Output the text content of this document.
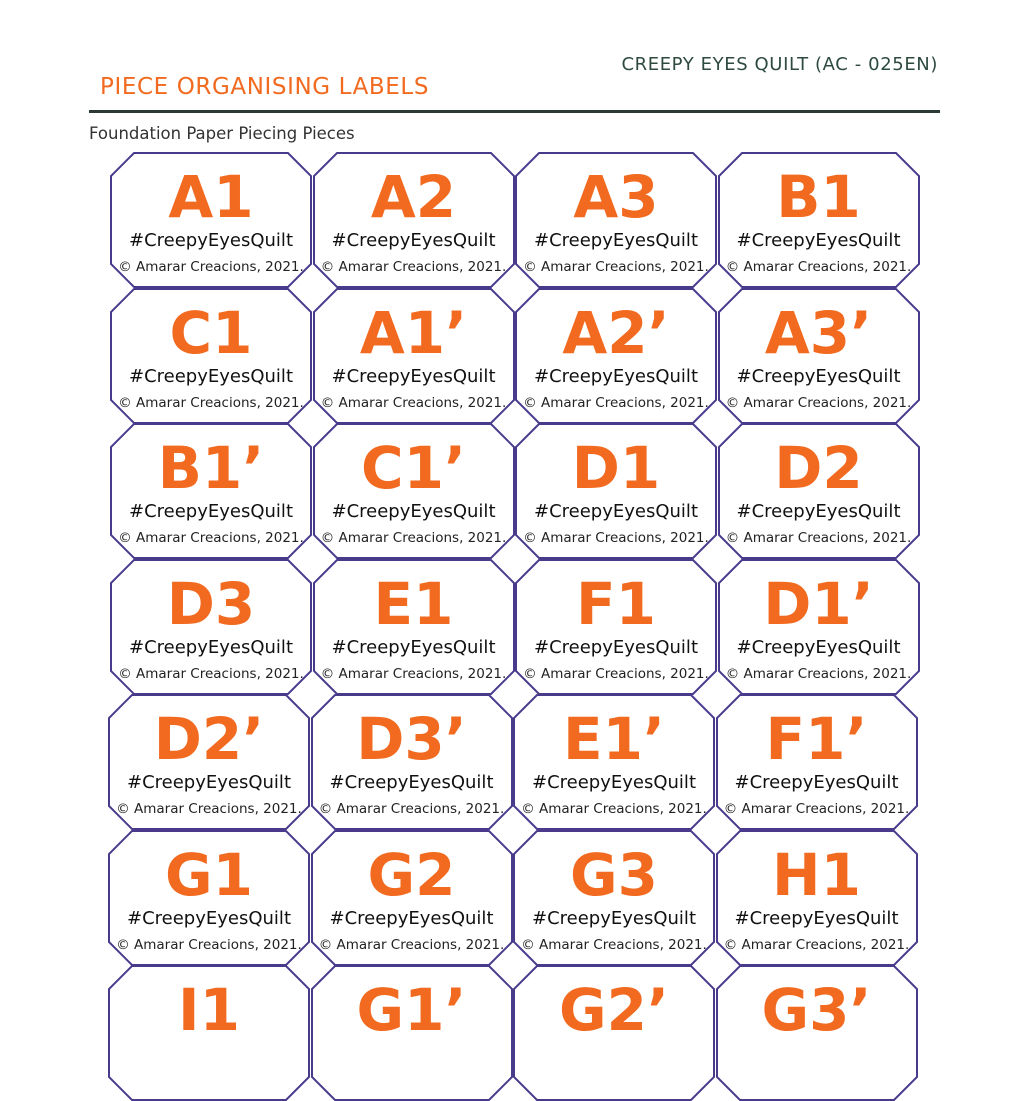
CREEPY EYES QUILT (AC - 025EN)
PIECE ORGANISING LABELS
Foundation Paper Piecing Pieces
A1
#CreepyEyesQuilt
© Amarar Creacions, 2021.
A2
#CreepyEyesQuilt
© Amarar Creacions, 2021.
A3
#CreepyEyesQuilt
© Amarar Creacions, 2021.
B1
#CreepyEyesQuilt
© Amarar Creacions, 2021.
C1
#CreepyEyesQuilt
© Amarar Creacions, 2021.
A1’
#CreepyEyesQuilt
© Amarar Creacions, 2021.
A2’
#CreepyEyesQuilt
© Amarar Creacions, 2021.
A3’
#CreepyEyesQuilt
© Amarar Creacions, 2021.
B1’
#CreepyEyesQuilt
© Amarar Creacions, 2021.
C1’
#CreepyEyesQuilt
© Amarar Creacions, 2021.
D1
#CreepyEyesQuilt
© Amarar Creacions, 2021.
D2
#CreepyEyesQuilt
© Amarar Creacions, 2021.
D3
#CreepyEyesQuilt
© Amarar Creacions, 2021.
E1
#CreepyEyesQuilt
© Amarar Creacions, 2021.
F1
#CreepyEyesQuilt
© Amarar Creacions, 2021.
D1’
#CreepyEyesQuilt
© Amarar Creacions, 2021.
D2’
#CreepyEyesQuilt
© Amarar Creacions, 2021.
D3’
#CreepyEyesQuilt
© Amarar Creacions, 2021.
E1’
#CreepyEyesQuilt
© Amarar Creacions, 2021.
F1’
#CreepyEyesQuilt
© Amarar Creacions, 2021.
G1
#CreepyEyesQuilt
© Amarar Creacions, 2021.
G2
#CreepyEyesQuilt
© Amarar Creacions, 2021.
G3
#CreepyEyesQuilt
© Amarar Creacions, 2021.
H1
#CreepyEyesQuilt
© Amarar Creacions, 2021.
I1	G1’	G2’	G3’
